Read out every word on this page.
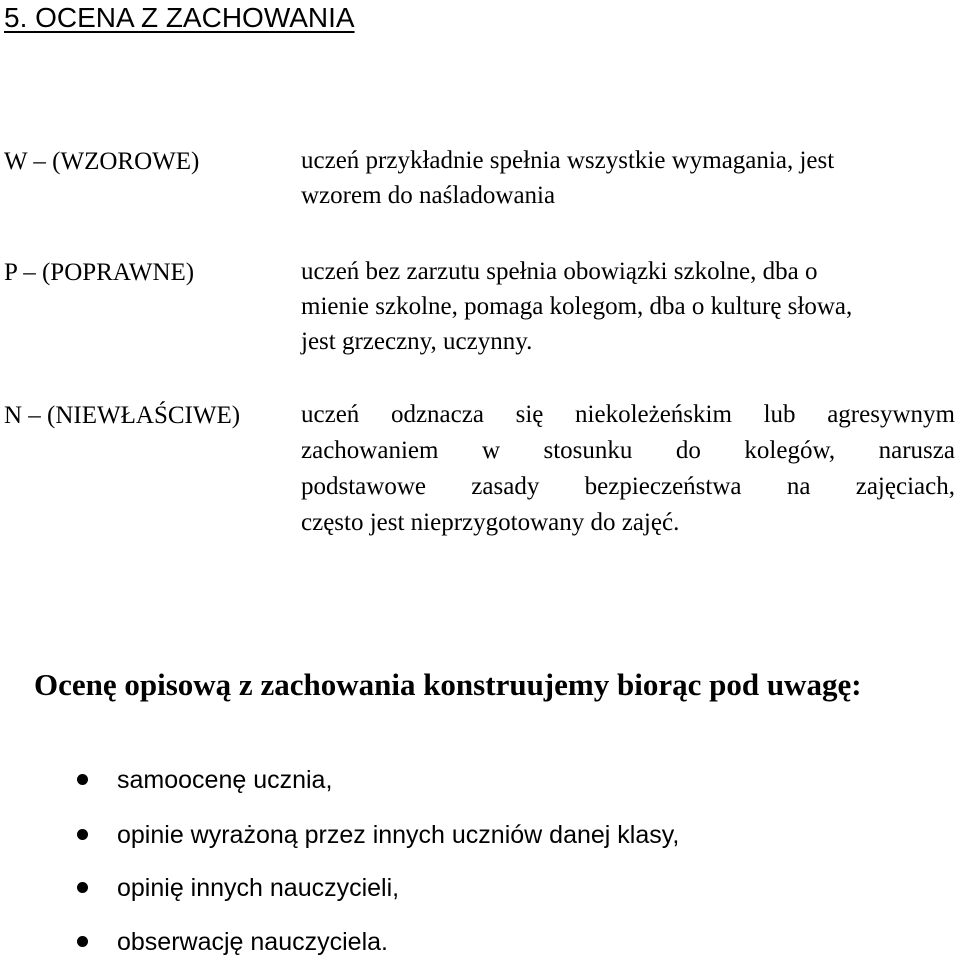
5. OCENA Z ZACHOWANIA
W – (WZOROWE)	uczeń przykładnie spełnia wszystkie wymagania, jest
wzorem do naśladowania
P – (POPRAWNE)	uczeń bez zarzutu spełnia obowiązki szkolne, dba o
mienie szkolne, pomaga kolegom, dba o kulturę słowa,
jest grzeczny, uczynny.
N – (NIEWŁAŚCIWE) uczeń odznacza się niekoleżeńskim lub agresywnym
zachowaniem w stosunku do kolegów, narusza
podstawowe zasady bezpieczeństwa na zajęciach,
często jest nieprzygotowany do zajęć.
Ocenę opisową z zachowania konstruujemy biorąc pod uwagę:
samoocenę ucznia,
opinie wyrażoną przez innych uczniów danej klasy,
opinię innych nauczycieli,
obserwację nauczyciela.
